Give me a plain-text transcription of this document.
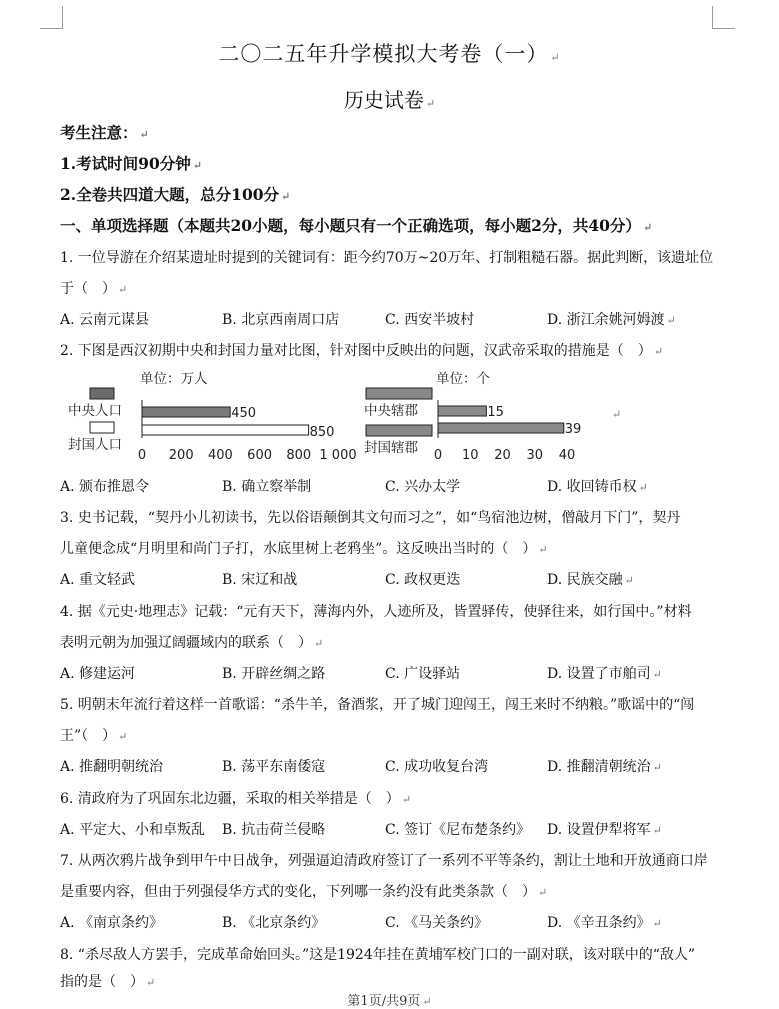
二〇二五年升学模拟大考卷（一） ↵
历史试卷 ↵
考生注意： ↵
1.考试时间90分钟 ↵
2.全卷共四道大题，总分100分 ↵
一、单项选择题（本题共20小题，每小题只有一个正确选项，每小题2分，共40分） ↵
1. 一位导游在介绍某遗址时提到的关键词有：距今约70万~20万年、打制粗糙石器。据此判断，该遗址位
于（　） ↵
A. 云南元谋县	B. 北京西南周口店	C. 西安半坡村	D. 浙江余姚河姆渡 ↵
2. 下图是西汉初期中央和封国力量对比图，针对图中反映出的问题，汉武帝采取的措施是（　） ↵
单位：万人
中央人口
封国人口
450
850
0 200 400 600 800 1 000
单位：个
中央辖郡
封国辖郡
15
39
0 10 20 30 40
↵
A. 颁布推恩令	B. 确立察举制	C. 兴办太学	D. 收回铸币权 ↵
3. 史书记载，“契丹小儿初读书，先以俗语颠倒其文句而习之”，如“鸟宿池边树，僧敲月下门”，契丹
儿童便念成“月明里和尚门子打，水底里树上老鸦坐”。这反映出当时的（　） ↵
A. 重文轻武	B. 宋辽和战	C. 政权更迭	D. 民族交融 ↵
4. 据《元史·地理志》记载：“元有天下，薄海内外，人迹所及，皆置驿传，使驿往来，如行国中。”材料
表明元朝为加强辽阔疆域内的联系（　） ↵
A. 修建运河	B. 开辟丝绸之路	C. 广设驿站	D. 设置了市舶司 ↵
5. 明朝末年流行着这样一首歌谣：“杀牛羊，备酒浆，开了城门迎闯王，闯王来时不纳粮。”歌谣中的“闯
王”（　） ↵
A. 推翻明朝统治	B. 荡平东南倭寇	C. 成功收复台湾	D. 推翻清朝统治 ↵
6. 清政府为了巩固东北边疆，采取的相关举措是（　） ↵
A. 平定大、小和卓叛乱 B. 抗击荷兰侵略	C. 签订《尼布楚条约》 D. 设置伊犁将军 ↵
7. 从两次鸦片战争到甲午中日战争，列强逼迫清政府签订了一系列不平等条约，割让土地和开放通商口岸
是重要内容，但由于列强侵华方式的变化，下列哪一条约没有此类条款（　） ↵
A. 《南京条约》	B. 《北京条约》	C. 《马关条约》	D. 《辛丑条约》 ↵
8. “杀尽敌人方罢手，完成革命始回头。”这是1924年挂在黄埔军校门口的一副对联，该对联中的“敌人”
指的是（　） ↵
第1页/共9页 ↵
